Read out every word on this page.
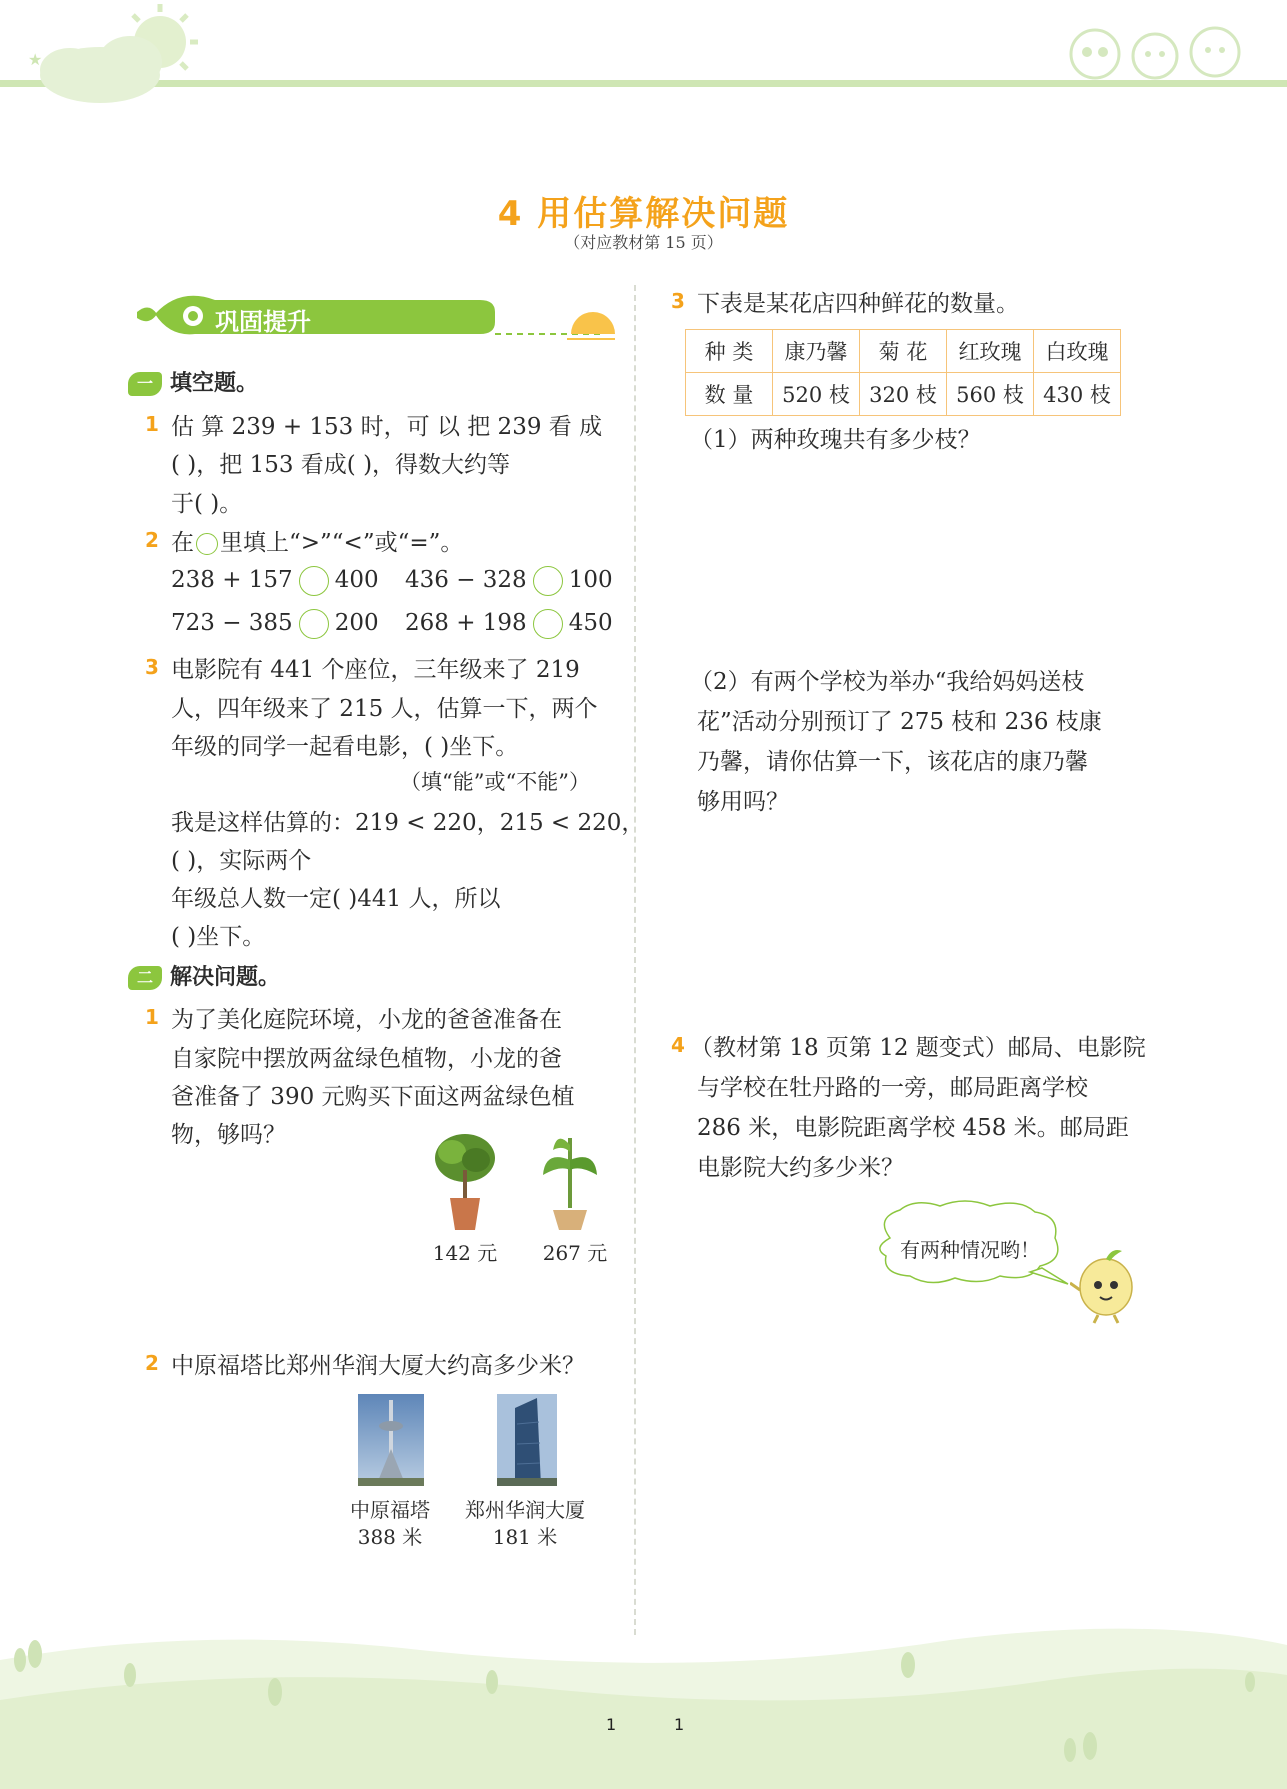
★
4 用估算解决问题
（对应教材第 15 页）
巩固提升
一 填空题。
1 估 算 239 + 153 时，可 以 把 239 看 成
( )，把 153 看成( )，得数大约等
于( )。
2 在 里填上“>”“<”或“=”。
238 + 157 400 436 − 328 100
723 − 385 200 268 + 198 450
3 电影院有 441 个座位，三年级来了 219
人，四年级来了 215 人，估算一下，两个
年级的同学一起看电影，( )坐下。
（填“能”或“不能”）
我是这样估算的：219 < 220，215 < 220，
( )，实际两个
年级总人数一定( )441 人，所以
( )坐下。
二 解决问题。
1 为了美化庭院环境，小龙的爸爸准备在
自家院中摆放两盆绿色植物，小龙的爸
爸准备了 390 元购买下面这两盆绿色植
物，够吗？
142 元 267 元
2 中原福塔比郑州华润大厦大约高多少米？
中原福塔
388 米
郑州华润大厦
181 米
3 下表是某花店四种鲜花的数量。
种 类	康乃馨	菊 花	红玫瑰	白玫瑰
数 量	520 枝	320 枝	560 枝	430 枝
（1）两种玫瑰共有多少枝？
（2）有两个学校为举办“我给妈妈送枝
花”活动分别预订了 275 枝和 236 枝康
乃馨，请你估算一下，该花店的康乃馨
够用吗？
4 （教材第 18 页第 12 题变式）邮局、电影院
与学校在牡丹路的一旁，邮局距离学校
286 米，电影院距离学校 458 米。邮局距
电影院大约多少米？
有两种情况哟！
1	1
